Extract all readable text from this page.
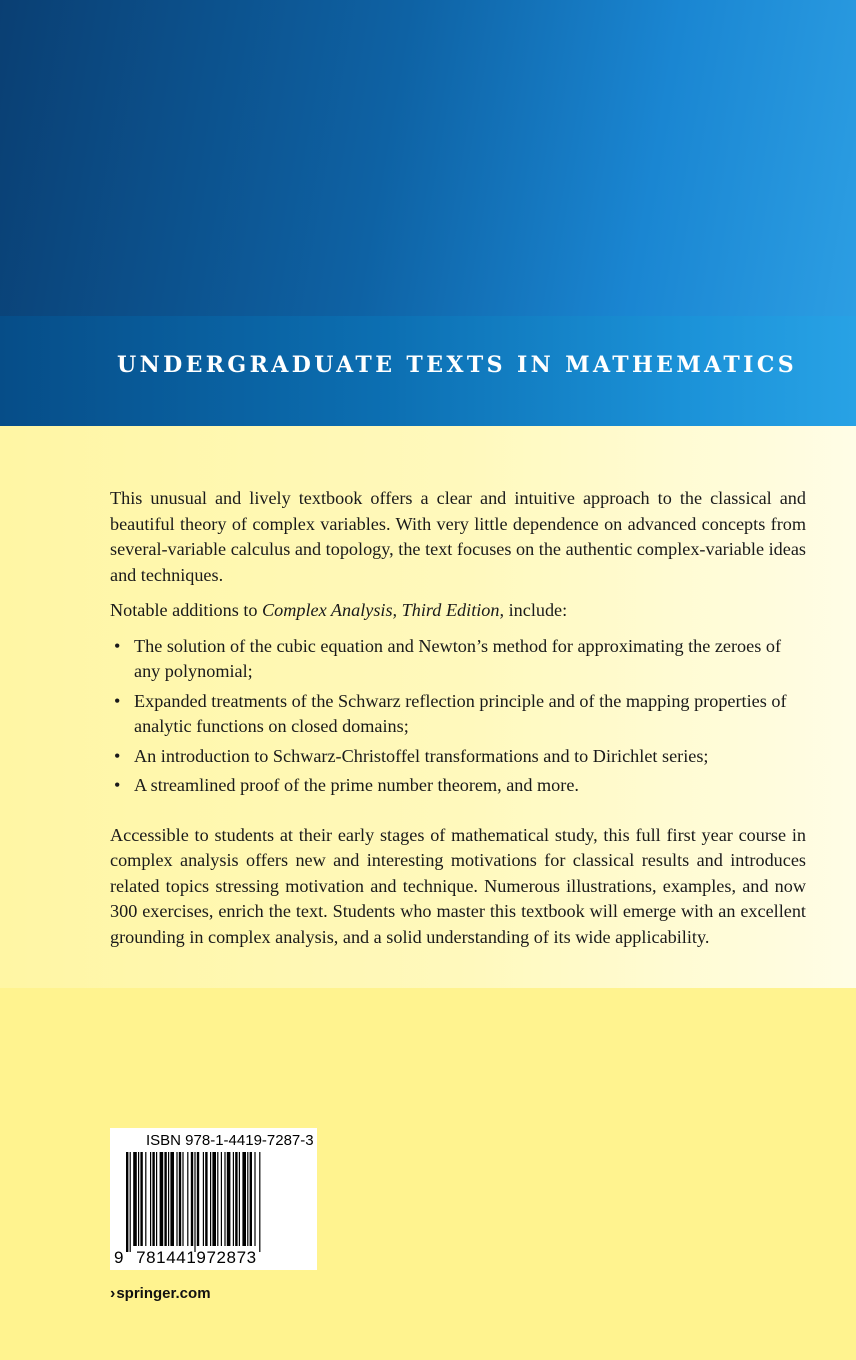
UNDERGRADUATE TEXTS IN MATHEMATICS

This unusual and lively textbook offers a clear and intuitive approach to the classical and beautiful theory of complex variables. With very little dependence on advanced concepts from several-variable calculus and topology, the text focuses on the authentic complex-variable ideas and techniques.

Notable additions to Complex Analysis, Third Edition, include:

• The solution of the cubic equation and Newton’s method for approximating the zeroes of any polynomial;
• Expanded treatments of the Schwarz reflection principle and of the mapping properties of analytic functions on closed domains;
• An introduction to Schwarz-Christoffel transformations and to Dirichlet series;
• A streamlined proof of the prime number theorem, and more.

Accessible to students at their early stages of mathematical study, this full first year course in complex analysis offers new and interesting motivations for classical results and introduces related topics stressing motivation and technique. Numerous illustrations, examples, and now 300 exercises, enrich the text. Students who master this textbook will emerge with an excellent grounding in complex analysis, and a solid understanding of its wide applicability.

ISBN 978-1-4419-7287-3
9 781441972873
›springer.com
